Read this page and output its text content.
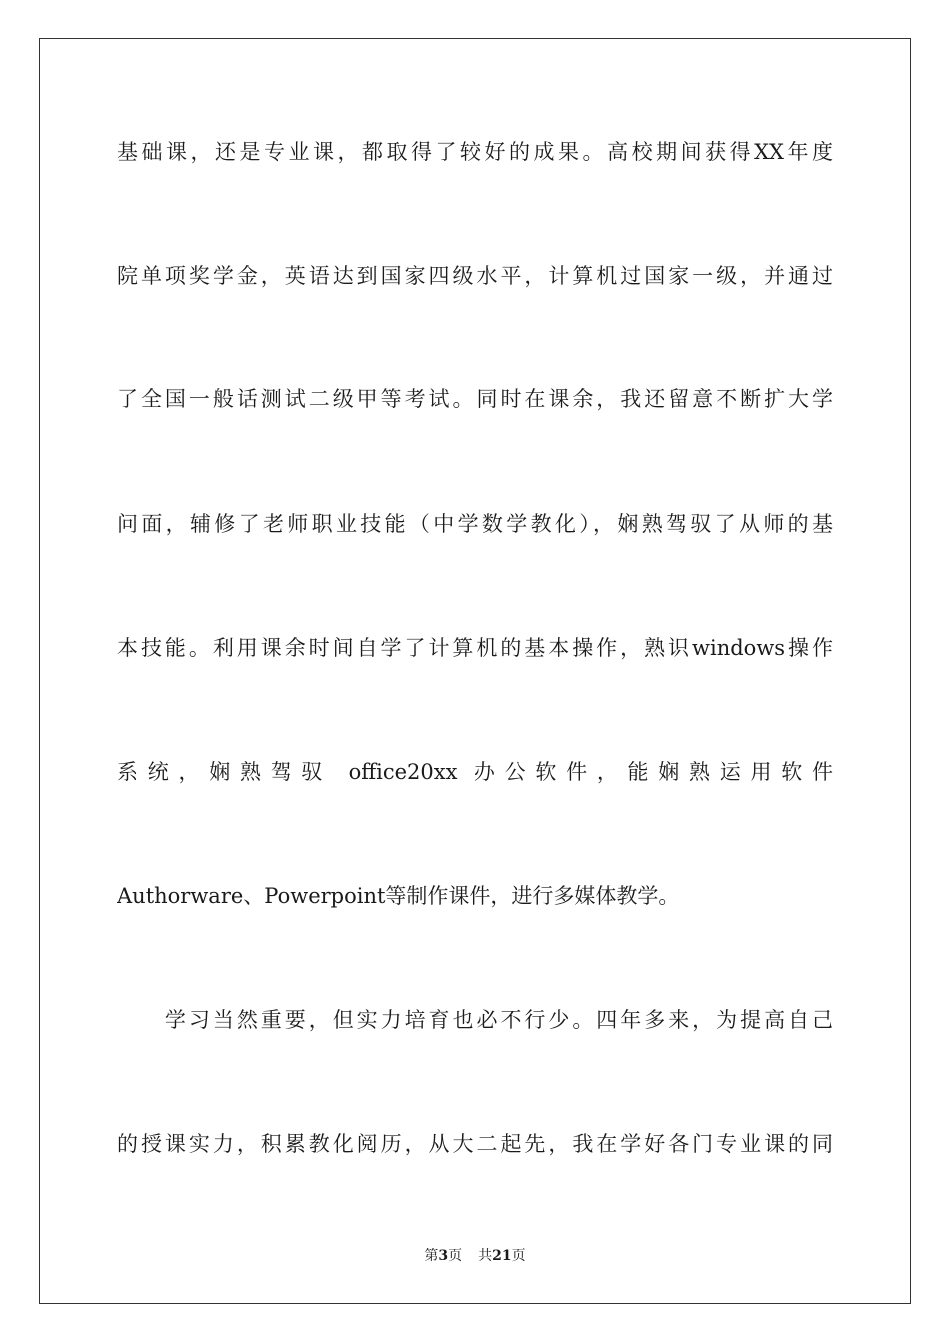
基础课，还是专业课，都取得了较好的成果。高校期间获得XX年度
院单项奖学金，英语达到国家四级水平，计算机过国家一级，并通过
了全国一般话测试二级甲等考试。同时在课余，我还留意不断扩大学
问面，辅修了老师职业技能（中学数学教化），娴熟驾驭了从师的基
本技能。利用课余时间自学了计算机的基本操作，熟识windows操作
系统，娴熟驾驭 office20xx 办公软件，能娴熟运用软件
Authorware、Powerpoint等制作课件，进行多媒体教学。
　　学习当然重要，但实力培育也必不行少。四年多来，为提高自己
的授课实力，积累教化阅历，从大二起先，我在学好各门专业课的同
第3页 共21页
